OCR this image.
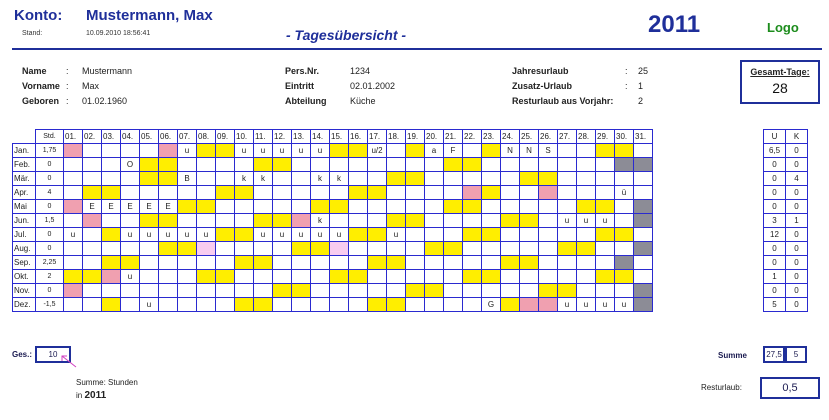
Konto: Mustermann, Max
Stand:	10.09.2010 18:56:41	- Tagesübersicht -	2011	Logo
Name : Mustermann
Vorname : Max
Geboren : 01.02.1960
Pers.Nr.	1234
Eintritt	02.01.2002
Abteilung	Küche
Jahresurlaub	: 25
Zusatz-Urlaub	: 1
Resturlaub aus Vorjahr:	2
Gesamt-Tage:
28
	Std.	01.	02.	03.	04.	05.	06.	07.	08.	09.	10.	11.	12.	13.	14.	15.	16.	17.	18.	19.	20.	21.	22.	23.	24.	25.	26.	27.	28.	29.	30.	31.
Jan.	1,75							u			u	u	u	u	u			u/2			a	F			N	N	S					
Feb.	0				O																											
Mär.	0							B			k	k			k	k																
Apr.	4																														ü	
Mai	0		E	E	E	E	E																									
Jun.	1,5														k													u	u	u		
Jul.	0	u			u	u	u	u	u			u	u	u	u	u			u													
Aug.	0																															
Sep.	2,25																															
Okt.	2				u																											
Nov.	0																															
Dez.	-1,5					u																		G				u	u	u	u	
U	K
6,5	0
0	0
0	4
0	0
0	0
3	1
12	0
0	0
0	0
1	0
0	0
5	0
Ges.:	10
Summe: Stunden
in 2011
Summe	27,5	5
Resturlaub:	0,5
